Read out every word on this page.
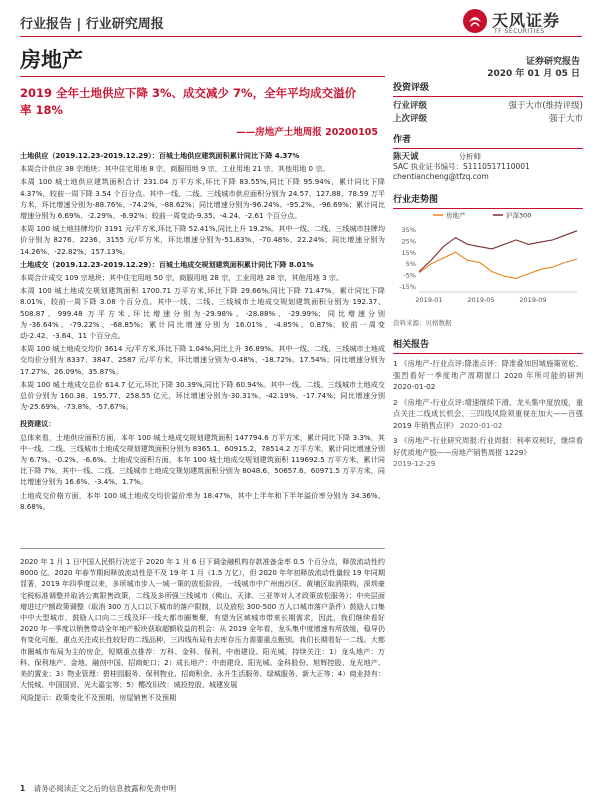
行业报告 | 行业研究周报	天风证券
TF SECURITIES
房地产	证券研究报告
2020 年 01 月 05 日
2019 全年土地供应下降 3%、成交减少 7%，全年平均成交溢价率 18%
——房地产土地周报 20200105

土地供应（2019.12.23-2019.12.29）：百城土地供应建筑面积累计同比下降 4.37%

本周合计供应 38 宗地块；其中住宅用地 8 宗，商服用地 9 宗，工业用地 21 宗，其他用地 0 宗。

本周 100 城土地供应建筑面积合计 231.04 万平方米,环比下降 83.55%,同比下降 95.94%，累计同比下降 4.37%，较前一周下降 3.54 个百分点。其中一线、二线、三线城市供应面积分别为 24.57、127.88、78.59 万平方米，环比增速分别为-88.76%、-74.2%、-88.62%；同比增速分别为-96.24%、-95.2%、-96.69%；累计同比增速分别为 6.69%、-2.29%、-6.92%；较前一周变动-9.35、-4.24、-2.61 个百分点。

本周 100 城土地挂牌均价 3191 元/平方米,环比下降 52.41%,同比上升 19.2%。其中一线、二线、三线城市挂牌均价分别为 8276、2236、3155 元/平方米，环比增速分别为-51.83%、-70.48%、22.24%；同比增速分别为 14.26%、-22.82%、157.13%。

土地成交（2019.12.23-2019.12.29）：百城土地成交规划建筑面积累计同比下降 8.01%

本周合计成交 109 宗地块；其中住宅用地 50 宗，商服用地 28 宗，工业用地 28 宗，其他用地 3 宗。

本周 100 城土地成交规划建筑面积 1700.71 万平方米,环比下降 29.66%,同比下降 71.47%，累计同比下降 8.01%，较前一周下降 3.08 个百分点。其中一线、二线、三线城市土地成交规划建筑面积分别为 192.37、508.87、999.48 万平方米,环比增速分别为-29.98%、-28.88%、-29.99%；同比增速分别为-36.64%、-79.22%、-68.85%；累计同比增速分别为 16.01%、-4.85%、0.87%；较前一周变动-2.42、-3.64、11 个百分点。

本周 100 城土地成交均价 3614 元/平方米,环比下降 1.04%,同比上升 36.89%。其中一线、二线、三线城市土地成交均价分别为 8337、3847、2587 元/平方米，环比增速分别为-0.48%、-18.72%、17.54%；同比增速分别为 17.27%、26.09%、35.87%。

本周 100 城土地成交总价 614.7 亿元,环比下降 30.39%,同比下降 60.94%。其中一线、二线、三线城市土地成交总价分别为 160.38、195.77、258.55 亿元，环比增速分别为-30.31%、-42.19%、-17.74%；同比增速分别为-25.69%、-73.8%、-57.67%。

投资建议：

总体来看，土地供应面积方面，本年 100 城土地成交规划建筑面积 147794.6 万平方米，累计同比下降 3.3%，其中一线、二线、三线城市土地成交规划建筑面积分别为 8365.1、60915.2、78514.2 万平方米，累计同比增速分别为 6.7%、-0.2%、-6.6%。土地成交面积方面，本年 100 城土地成交规划建筑面积 119692.5 万平方米，累计同比下降 7%，其中一线、二线、三线城市土地成交规划建筑面积分别为 8048.6、50657.6、60971.5 万平方米，同比增速分别为 16.6%、-3.4%、1.7%。

土地成交价格方面，本年 100 城土地成交均价溢价率为 18.47%，其中上半年和下半年溢价率分别为 34.36%、8.68%。

2020 年 1 月 1 日中国人民银行决定于 2020 年 1 月 6 日下调金融机构存款准备金率 0.5 个百分点，释放流动性约 8000 亿。2020 年春节期间释放流动性是不及 19 年 1 月（1.5 万亿），但 2020 年年初释放流动性量较 19 年同期显著，2019 年四季度以来，多所城市步入一城一策的放松阶段，一线城市中广州南沙区、黄埔区取消限购，深圳豪宅税标准调整并取消公寓限售政策，二线及多所强三线城市（佛山、天津、三亚等对人才政策放松服务）；中央层面增进过户额政策调整（取消 300 万人口以下城市的落户限制，以及放松 300-500 万人口城市落户条件）鼓励人口集中中大型城市，鼓励人口向二三线及环一线大都市圈集聚，有望为区域城市带来长期需求，因此，我们继续看好 2020 年一季度以销售带动全年地产板块获取超额收益的机会：从 2019 全年看，龙头集中度增速有所放缓，稳导仍有变化可能，重点关注成长性较好的二线品种，三四线布局有去库存压力需要重点甄别。我们长期看好一二线、大都市圈城市布局为主的房企，短期重点推荐：万科、金科、保利、中南建设、阳光城，持续关注：1）龙头地产：万科、保利地产、金地、融创中国、招商蛇口；2）成长地产：中南建设、阳光城、金科股份、旭辉控股、龙光地产、美的置业；3）物业管理：碧桂园服务、保利物业、招商积余、永升生活服务、绿城服务、新大正等；4）商业持有：大悦城、中国国贸、光大嘉宝等；5）樱改旧改：城投控股、城建发展

风险提示：政策变化不及预期，房屋销售不及预期

投资评级
行业评级	强于大市(维持评级)
上次评级	强于大市
作者
陈天诚	分析师
SAC 执业证书编号：S1110517110001
chentiancheng@tfzq.com
行业走势图
35%
25%
15%
5%
-5%
-15%
2019-01	2019-05	2019-09
房地产	沪深300
资料来源：贝格数据
相关报告
1 《房地产-行业点评:降准点评：降准叠加因城施策宽松、强烈看好一季度地产周期窗口 2020 年所可能的研判 2020-01-02
2 《房地产-行业点评:增速继续下滑、龙头集中度放缓，重点关注二线成长机会，三四线风险须重视在加大——百强 2019 年销售点评》 2020-01-02
3 《房地产-行业研究周报:行业周报：利率双利好，继续看好优质地产股——房地产销售周报 1229》
2019-12-29
1 请务必阅读正文之后的信息披露和免责申明
